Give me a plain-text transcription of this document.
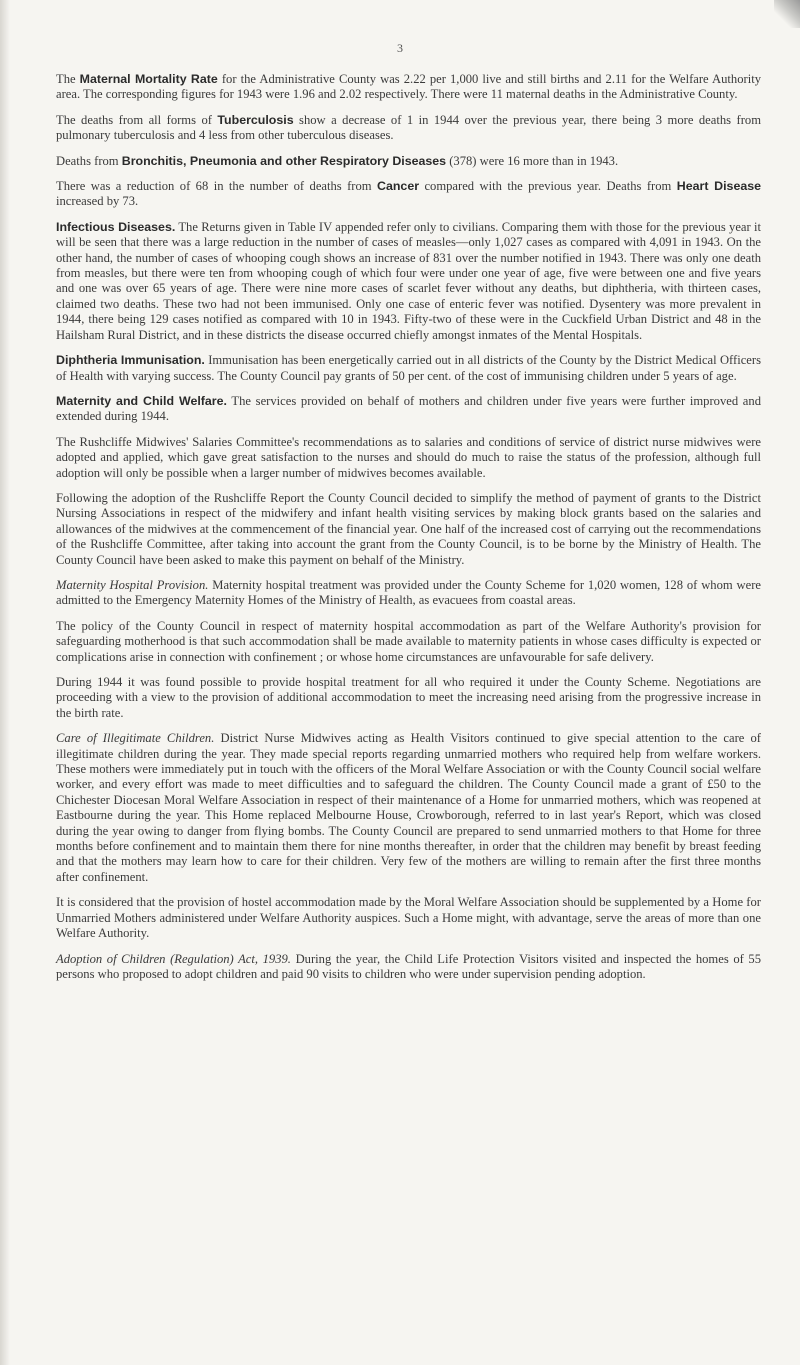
3

The Maternal Mortality Rate for the Administrative County was 2.22 per 1,000 live and still births and 2.11 for the Welfare Authority area. The corresponding figures for 1943 were 1.96 and 2.02 respectively. There were 11 maternal deaths in the Administrative County.

The deaths from all forms of Tuberculosis show a decrease of 1 in 1944 over the previous year, there being 3 more deaths from pulmonary tuberculosis and 4 less from other tuberculous diseases.

Deaths from Bronchitis, Pneumonia and other Respiratory Diseases (378) were 16 more than in 1943.

There was a reduction of 68 in the number of deaths from Cancer compared with the previous year. Deaths from Heart Disease increased by 73.

Infectious Diseases. The Returns given in Table IV appended refer only to civilians. Comparing them with those for the previous year it will be seen that there was a large reduction in the number of cases of measles—only 1,027 cases as compared with 4,091 in 1943. On the other hand, the number of cases of whooping cough shows an increase of 831 over the number notified in 1943. There was only one death from measles, but there were ten from whooping cough of which four were under one year of age, five were between one and five years and one was over 65 years of age. There were nine more cases of scarlet fever without any deaths, but diphtheria, with thirteen cases, claimed two deaths. These two had not been immunised. Only one case of enteric fever was notified. Dysentery was more prevalent in 1944, there being 129 cases notified as compared with 10 in 1943. Fifty-two of these were in the Cuckfield Urban District and 48 in the Hailsham Rural District, and in these districts the disease occurred chiefly amongst inmates of the Mental Hospitals.

Diphtheria Immunisation. Immunisation has been energetically carried out in all districts of the County by the District Medical Officers of Health with varying success. The County Council pay grants of 50 per cent. of the cost of immunising children under 5 years of age.

Maternity and Child Welfare. The services provided on behalf of mothers and children under five years were further improved and extended during 1944.

The Rushcliffe Midwives' Salaries Committee's recommendations as to salaries and conditions of service of district nurse midwives were adopted and applied, which gave great satisfaction to the nurses and should do much to raise the status of the profession, although full adoption will only be possible when a larger number of midwives becomes available.

Following the adoption of the Rushcliffe Report the County Council decided to simplify the method of payment of grants to the District Nursing Associations in respect of the midwifery and infant health visiting services by making block grants based on the salaries and allowances of the midwives at the commencement of the financial year. One half of the increased cost of carrying out the recommendations of the Rushcliffe Committee, after taking into account the grant from the County Council, is to be borne by the Ministry of Health. The County Council have been asked to make this payment on behalf of the Ministry.

Maternity Hospital Provision. Maternity hospital treatment was provided under the County Scheme for 1,020 women, 128 of whom were admitted to the Emergency Maternity Homes of the Ministry of Health, as evacuees from coastal areas.

The policy of the County Council in respect of maternity hospital accommodation as part of the Welfare Authority's provision for safeguarding motherhood is that such accommodation shall be made available to maternity patients in whose cases difficulty is expected or complications arise in connection with confinement ; or whose home circumstances are unfavourable for safe delivery.

During 1944 it was found possible to provide hospital treatment for all who required it under the County Scheme. Negotiations are proceeding with a view to the provision of additional accommodation to meet the increasing need arising from the progressive increase in the birth rate.

Care of Illegitimate Children. District Nurse Midwives acting as Health Visitors continued to give special attention to the care of illegitimate children during the year. They made special reports regarding unmarried mothers who required help from welfare workers. These mothers were immediately put in touch with the officers of the Moral Welfare Association or with the County Council social welfare worker, and every effort was made to meet difficulties and to safeguard the children. The County Council made a grant of £50 to the Chichester Diocesan Moral Welfare Association in respect of their maintenance of a Home for unmarried mothers, which was reopened at Eastbourne during the year. This Home replaced Melbourne House, Crowborough, referred to in last year's Report, which was closed during the year owing to danger from flying bombs. The County Council are prepared to send unmarried mothers to that Home for three months before confinement and to maintain them there for nine months thereafter, in order that the children may benefit by breast feeding and that the mothers may learn how to care for their children. Very few of the mothers are willing to remain after the first three months after confinement.

It is considered that the provision of hostel accommodation made by the Moral Welfare Association should be supplemented by a Home for Unmarried Mothers administered under Welfare Authority auspices. Such a Home might, with advantage, serve the areas of more than one Welfare Authority.

Adoption of Children (Regulation) Act, 1939. During the year, the Child Life Protection Visitors visited and inspected the homes of 55 persons who proposed to adopt children and paid 90 visits to children who were under supervision pending adoption.
